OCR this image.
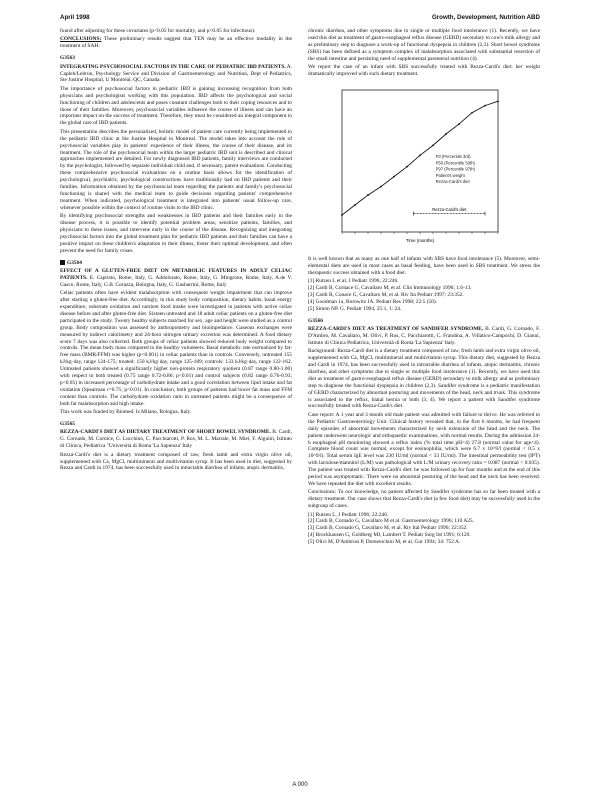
April 1998	Growth, Development, Nutrition ABD

found after adjusting for these covariates (p<0.05 for mortality, and p<0.05 for infectious).

CONCLUSIONS: These preliminary results suggest that TEN may be an effective modality in the treatment of SAH.

G3563

INTEGRATING PSYCHOSOCIAL FACTORS IN THE CARE OF PEDIATRIC IBD PATIENTS. A. Capleh/Lebrun, Psychology Service and Division of Gastroenterology and Nutrition, Dept of Pediatrics, Ste Justine Hospital, U Montréal, QC, Canada

The importance of psychosocial factors in pediatric IBD is gaining increasing recognition from both physicians and psychologists working with this population. IBD affects the psychological and social functioning of children and adolescents and poses constant challenges both to their coping resources and to those of their families. Moreover, psychosocial variables influence the course of illness and can have an important impact on the success of treatment. Therefore, they must be considered an integral component in the global care of IBD patients.

This presentation describes the personalized, holistic model of patient care currently being implemented in the pediatric IBD clinic at Ste Justine Hospital in Montreal. The model takes into account the role of psychosocial variables play in patients' experience of their illness, the course of their disease, and its treatment. The role of the psychosocial team within the larger pediatric IBD unit is described and clinical approaches implemented are detailed. For newly diagnosed IBD patients, family interviews are conducted by the psychologist, followed by separate individual child and, if necessary, parent evaluations. Conducting these comprehensive psychosocial evaluations on a routine basis allows for the identification of psychological, psychiatric, psychological constructions have traditionally had on IBD patients and their families. Information obtained by the psychosocial team regarding the patients and family's psychosocial functioning is shared with the medical team to guide decisions regarding patients' comprehensive treatment. When indicated, psychological treatment is integrated into patients' usual follow-up care, whenever possible within the context of routine visits to the IBD clinic.

By identifying psychosocial strengths and weaknesses in IBD patients and their families early in the disease process, it is possible to identify potential problem areas, sensitize patients, families, and physicians to these issues, and intervene early in the course of the disease. Recognizing and integrating psychosocial factors into the global treatment plan for pediatric IBD patients and their families can have a positive impact on these children's adaptation to their illness, foster their optimal development, and often prevent the need for family crises.

G3564

EFFECT OF A GLUTEN-FREE DIET ON METABOLIC FEATURES IN ADULT CELIAC PATIENTS. E. Capristo, Rome, Italy, G. Addolorato, Rome, Italy, G. Mingrone, Rome, Italy, A.de V. Gasco, Rome, Italy, G.B. Corazza, Bologna, Italy, G. Gasbarrini, Rome, Italy

Celiac patients often have evident malabsorption with consequent weight impairment that can improve after starting a gluten-free diet. Accordingly, in this study body composition, dietary habits, basal energy expenditure, substrate oxidation and nutrient food intake were investigated in patients with active celiac disease before and after gluten-free diet. Sixteen untreated and 18 adult celiac patients on a gluten-free diet participated in the study. Twenty healthy subjects matched for sex, age and height were studied as a control group. Body composition was assessed by anthropometry and bioimpedance. Gaseous exchanges were measured by indirect calorimetry and 24-hour nitrogen urinary excretion was determined. A food dietary score 7 days was also collected. Both groups of celiac patients showed reduced body weight compared to controls. The mean body mass compared to the healthy volunteers. Basal metabolic rate normalized by fat-free mass (BMR/FFM) was higher (p<0.001) in celiac patients than in controls. Conversely, untreated 155 kJ/kg·day, range 124-175; treated: 150 kJ/kg·day, range 125-189; controls: 133 kJ/kg·day, range 122-162. Untreated patients showed a significantly higher non-protein respiratory quotient (0.87 range 0.80-1.00) with respect to both treated (0.75 range 0.72-0.86; p<0.01) and control subjects (0.82 range 0.76-0.93; p<0.05) in increased percentage of carbohydrate intake and a good correlation between lipid intake and fat oxidation (Spearman r=0.75; p<0.01). In conclusion, both groups of patients had lower fat mass and FFM content than controls. The carbohydrate oxidation ratio in untreated patients might be a consequence of both fat malabsorption and high intake.

This work was funded by Biomed. Is Milano, Bologna, Italy.

G3565

REZZA-CARDI'S DIET AS DIETARY TREATMENT OF SHORT BOWEL SYNDROME. B. Cardi, G. Cornado, M. Cornice, G. Lucchino, C. Pacchiarotti, P. Ros, M. L. Marrale, M. Miei, F. Alguiin, Istituto di Clinica, Pediatrica "Università di Roma 'La Sapienza' Italy

Rezza-Cardi's diet is a dietary treatment composed of raw, fresh lamb and extra virgin olive oil, supplemented with Ca, MgCl, multimineral and multivitamin syrup. It has been used in diet, suggested by Rezza and Cardi in 1974, has been successfully used in intractable diarrhea of infants, atopic dermatitis,

chronic diarrhea, and other symptoms due to single or multiple food intolerance (1). Recently, we have used this diet as treatment of gastro-esophageal reflux disease (GERD) secondary to cow's milk allergy and as preliminary step to diagnose a work-up of functional dyspepsia in children (2,3). Short bowel syndrome (SBS) has been defined as a symptom complex of malabsorption associated with substantial resection of the small intestine and persisting need of supplemental parenteral nutrition (4).

We report the case of an infant with SBS successfully treated with Rezza-Cardi's diet: her weight dramatically improved with such dietary treatment.

P3 (Percentile 3rd)
P50 (Percentile 50th)
P97 (Percentile 97th)
Patient's weight
Rezza-Cardi's diet
Rezza-Cardi's diet
Time (months)

It is well known that as many as one half of infants with SBS have food intolerance (5). Moreover, semi-elemental diets are used in most cases as basal feeding, have been used in SBS treatment. We stress the therapeutic success obtained with a food diet.

[1] Rutzen L et al. J Pediatr 1996; 22:246.
[2] Cardi B, Cornace G, Cavallaro M, et al. Clin Immunology 1996; 1:6-13.
[3] Cardi B, Conace G, Cavallaro M, et al. Riv Ita Pediatr 1997; 23:352.
[4] Goodman 1a, Borowitz JA. Pediatr Res 1998; 22:5 (50).
[5] Simon NP. G. Pediatr 1994, 25:1, 1: 24.

G3566

REZZA-CARDI'S DIET AS TREATMENT OF SANDIFER SYNDROME. B. Cardi, G. Cornado, F. D'Ambro, M. Cavallaro, M. Olivi, P. Ros, C. Pacchiarotti, C. Frandina, A. Villatico-Campochi, D. Gianni, Istituto di Clinica Pediatrica, Università di Roma 'La Sapienza' Italy.

Background: Rezza-Cardi diet is a dietary treatment composed of raw, fresh lamb and extra virgin olive oil, supplemented with Ca, MgCl, multimineral and multivitamin syrup. This dietary diet, suggested by Rezza and Cardi in 1974, has been successfully used in intractable diarrhea of infants, atopic dermatitis, chronic diarrhea, and other symptoms due to single or multiple food intolerance (1). Recently, we have used this diet as treatment of gastro-esophageal reflux disease (GERD) secondary to milk allergy and as preliminary step to diagnose the functional dyspepsia in children (2,3). Sandifer syndrome is a pediatric manifestation of GERD characterized by abnormal posturing and movements of the head, neck and trunk. This syndrome is associated to the reflux, hiatal hernia or both (3, 4). We report a patient with Sandifer syndrome successfully treated with Rezza-Cardi's diet.

Case report: A 1 year and 3 month old male patient was admitted with failure to thrive. He was referred to the Pediatric Gastroenterology Unit. Clinical history revealed that, in the first 6 months, he had frequent daily episodes of abnormal movements characterized by neck extension of the head and the neck. The patient underwent neurologic and orthopaedic examinations, with normal results. During the admission 24-h esophageal pH monitoring showed a reflux index (% total time pH<4) 27.8 (normal value for age<4). Complete blood count was normal, except for eosinophilia, which were 6.7 x 10^9/l (normal < 0.5 x 10^9/l). Total serum IgE level was 230 IU/ml (normal < 33 IU/ml). The intestinal permeability test (IPT) with lactulose/mannitol (L/M) was pathological with L/M urinary recovery ratio = 0.087 (normal < 0.035). The patient was treated with Rezza-Cardi's diet: he was followed up for four months and at the end of this period was asymptomatic. There were no abnormal posturing of the head and the neck has been resolved. We have repeated the diet with excellent results.

Conclusions: To our knowledge, no patient affected by Sandifer syndrome has so far been treated with a dietary treatment. Our case shows that Rezza-Cardi's diet (a few food diet) may be successfully used in the subgroup of cases.

[1] Rutzen L, J Pediatr 1996; 22:246.
[2] Cardi B, Cornado G, Cavallaro M et al. Gastroenterology 1996; 110 A25.
[3] Cardi B, Cornado G, Cavallaro M, et al. Riv Ital Pediatr 1996; 22:352.
[4] Brockhausen G, Goldberg MJ, Lambert T. Pediatr Surg Int 1991; 6:120.
[5] Olivi M, D'Ambrosi P, Domenichini M, et al. Gut 1994; 34: 752 A.
A 000
